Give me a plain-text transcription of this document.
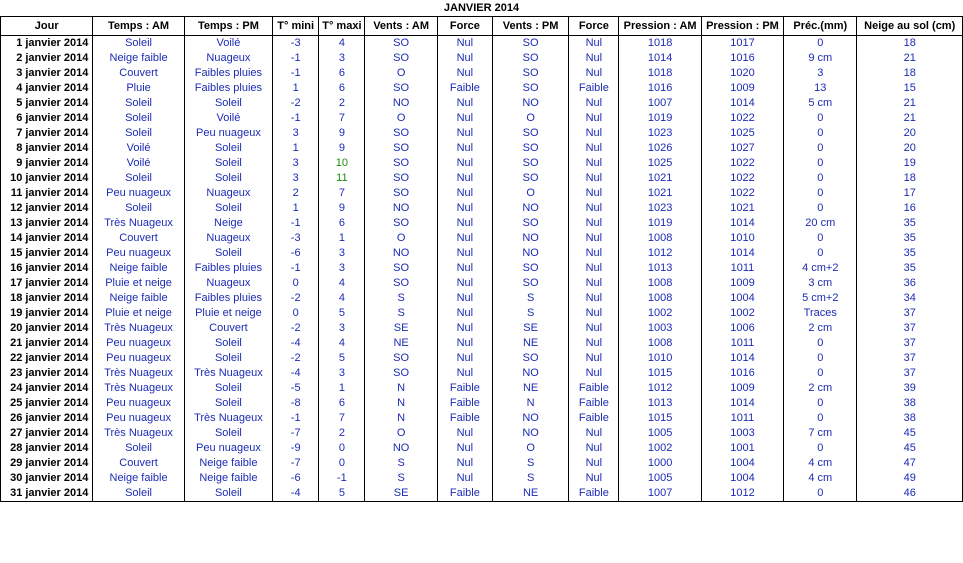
JANVIER 2014												
Jour	Temps : AM	Temps : PM	T° mini	T° maxi	Vents : AM	Force	Vents : PM	Force	Pression : AM	Pression : PM	Préc.(mm)	Neige au sol (cm)
1 janvier 2014	Soleil	Voilé	-3	4	SO	Nul	SO	Nul	1018	1017	0	18
2 janvier 2014	Neige faible	Nuageux	-1	3	SO	Nul	SO	Nul	1014	1016	9 cm	21
3 janvier 2014	Couvert	Faibles pluies	-1	6	O	Nul	SO	Nul	1018	1020	3	18
4 janvier 2014	Pluie	Faibles pluies	1	6	SO	Faible	SO	Faible	1016	1009	13	15
5 janvier 2014	Soleil	Soleil	-2	2	NO	Nul	NO	Nul	1007	1014	5 cm	21
6 janvier 2014	Soleil	Voilé	-1	7	O	Nul	O	Nul	1019	1022	0	21
7 janvier 2014	Soleil	Peu nuageux	3	9	SO	Nul	SO	Nul	1023	1025	0	20
8 janvier 2014	Voilé	Soleil	1	9	SO	Nul	SO	Nul	1026	1027	0	20
9 janvier 2014	Voilé	Soleil	3	10	SO	Nul	SO	Nul	1025	1022	0	19
10 janvier 2014	Soleil	Soleil	3	11	SO	Nul	SO	Nul	1021	1022	0	18
11 janvier 2014	Peu nuageux	Nuageux	2	7	SO	Nul	O	Nul	1021	1022	0	17
12 janvier 2014	Soleil	Soleil	1	9	NO	Nul	NO	Nul	1023	1021	0	16
13 janvier 2014	Très Nuageux	Neige	-1	6	SO	Nul	SO	Nul	1019	1014	20 cm	35
14 janvier 2014	Couvert	Nuageux	-3	1	O	Nul	NO	Nul	1008	1010	0	35
15 janvier 2014	Peu nuageux	Soleil	-6	3	NO	Nul	NO	Nul	1012	1014	0	35
16 janvier 2014	Neige faible	Faibles pluies	-1	3	SO	Nul	SO	Nul	1013	1011	4 cm+2	35
17 janvier 2014	Pluie et neige	Nuageux	0	4	SO	Nul	SO	Nul	1008	1009	3 cm	36
18 janvier 2014	Neige faible	Faibles pluies	-2	4	S	Nul	S	Nul	1008	1004	5 cm+2	34
19 janvier 2014	Pluie et neige	Pluie et neige	0	5	S	Nul	S	Nul	1002	1002	Traces	37
20 janvier 2014	Très Nuageux	Couvert	-2	3	SE	Nul	SE	Nul	1003	1006	2 cm	37
21 janvier 2014	Peu nuageux	Soleil	-4	4	NE	Nul	NE	Nul	1008	1011	0	37
22 janvier 2014	Peu nuageux	Soleil	-2	5	SO	Nul	SO	Nul	1010	1014	0	37
23 janvier 2014	Très Nuageux	Très Nuageux	-4	3	SO	Nul	NO	Nul	1015	1016	0	37
24 janvier 2014	Très Nuageux	Soleil	-5	1	N	Faible	NE	Faible	1012	1009	2 cm	39
25 janvier 2014	Peu nuageux	Soleil	-8	6	N	Faible	N	Faible	1013	1014	0	38
26 janvier 2014	Peu nuageux	Très Nuageux	-1	7	N	Faible	NO	Faible	1015	1011	0	38
27 janvier 2014	Très Nuageux	Soleil	-7	2	O	Nul	NO	Nul	1005	1003	7 cm	45
28 janvier 2014	Soleil	Peu nuageux	-9	0	NO	Nul	O	Nul	1002	1001	0	45
29 janvier 2014	Couvert	Neige faible	-7	0	S	Nul	S	Nul	1000	1004	4 cm	47
30 janvier 2014	Neige faible	Neige faible	-6	-1	S	Nul	S	Nul	1005	1004	4 cm	49
31 janvier 2014	Soleil	Soleil	-4	5	SE	Faible	NE	Faible	1007	1012	0	46
